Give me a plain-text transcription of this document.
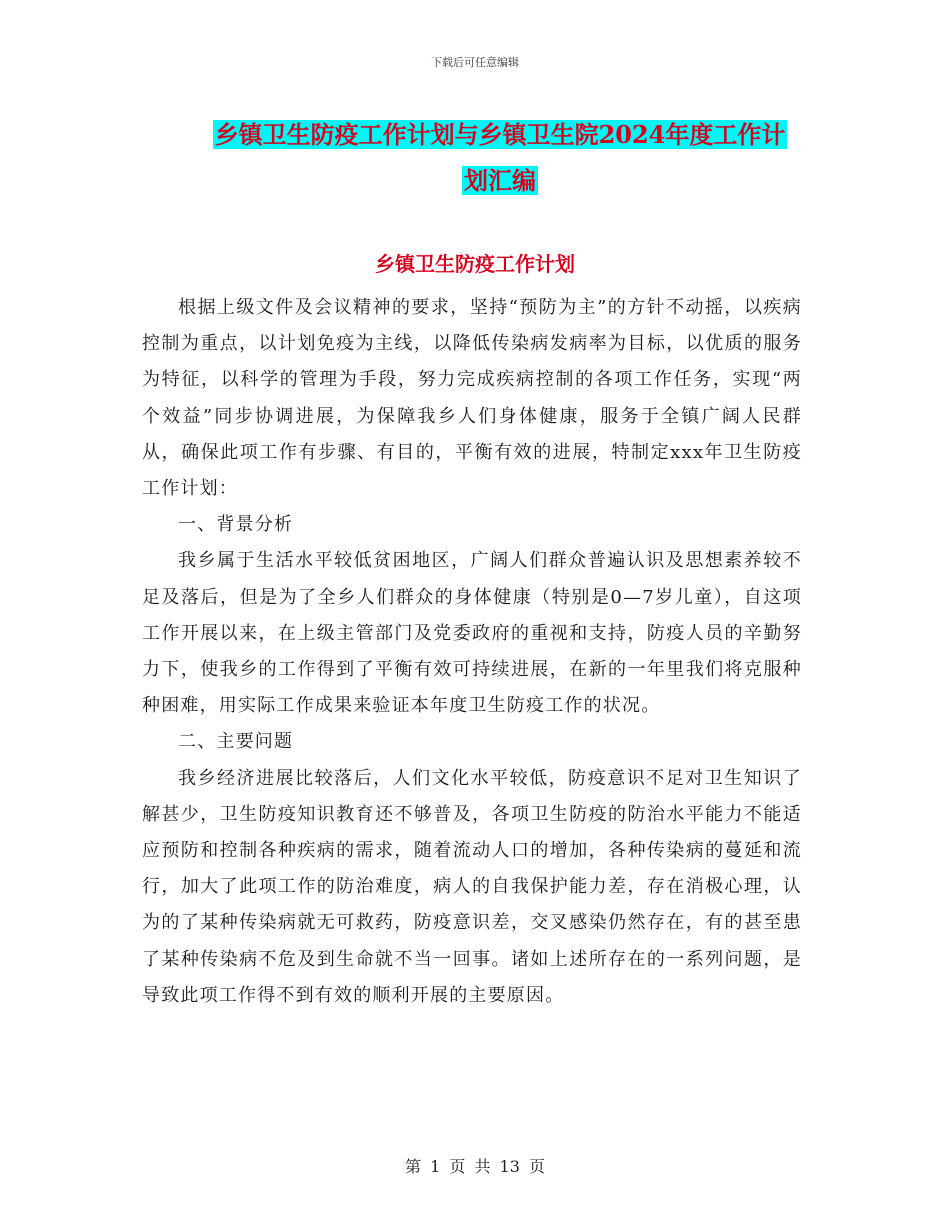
下载后可任意编辑
乡镇卫生防疫工作计划与乡镇卫生院2024年度工作计
划汇编
乡镇卫生防疫工作计划

根据上级文件及会议精神的要求，坚持“预防为主”的方针不动摇，以疾病控制为重点，以计划免疫为主线，以降低传染病发病率为目标，以优质的服务为特征，以科学的管理为手段，努力完成疾病控制的各项工作任务，实现“两个效益”同步协调进展，为保障我乡人们身体健康，服务于全镇广阔人民群从，确保此项工作有步骤、有目的，平衡有效的进展，特制定xxx年卫生防疫工作计划：

一、背景分析

我乡属于生活水平较低贫困地区，广阔人们群众普遍认识及思想素养较不足及落后，但是为了全乡人们群众的身体健康（特别是0—7岁儿童），自这项工作开展以来，在上级主管部门及党委政府的重视和支持，防疫人员的辛勤努力下，使我乡的工作得到了平衡有效可持续进展，在新的一年里我们将克服种种困难，用实际工作成果来验证本年度卫生防疫工作的状况。

二、主要问题

我乡经济进展比较落后，人们文化水平较低，防疫意识不足对卫生知识了解甚少，卫生防疫知识教育还不够普及，各项卫生防疫的防治水平能力不能适应预防和控制各种疾病的需求，随着流动人口的增加，各种传染病的蔓延和流行，加大了此项工作的防治难度，病人的自我保护能力差，存在消极心理，认为的了某种传染病就无可救药，防疫意识差，交叉感染仍然存在，有的甚至患了某种传染病不危及到生命就不当一回事。诸如上述所存在的一系列问题，是导致此项工作得不到有效的顺利开展的主要原因。

第 1 页 共 13 页
